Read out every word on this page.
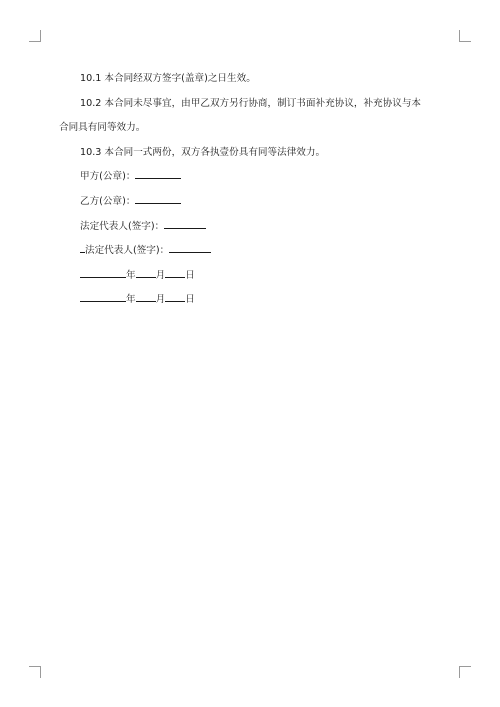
10.1 本合同经双方签字(盖章)之日生效。

10.2 本合同未尽事宜，由甲乙双方另行协商，制订书面补充协议，补充协议与本

合同具有同等效力。

10.3 本合同一式两份，双方各执壹份具有同等法律效力。

甲方(公章)：

乙方(公章)：

法定代表人(签字)：

法定代表人(签字)：

年 月 日

年 月 日
